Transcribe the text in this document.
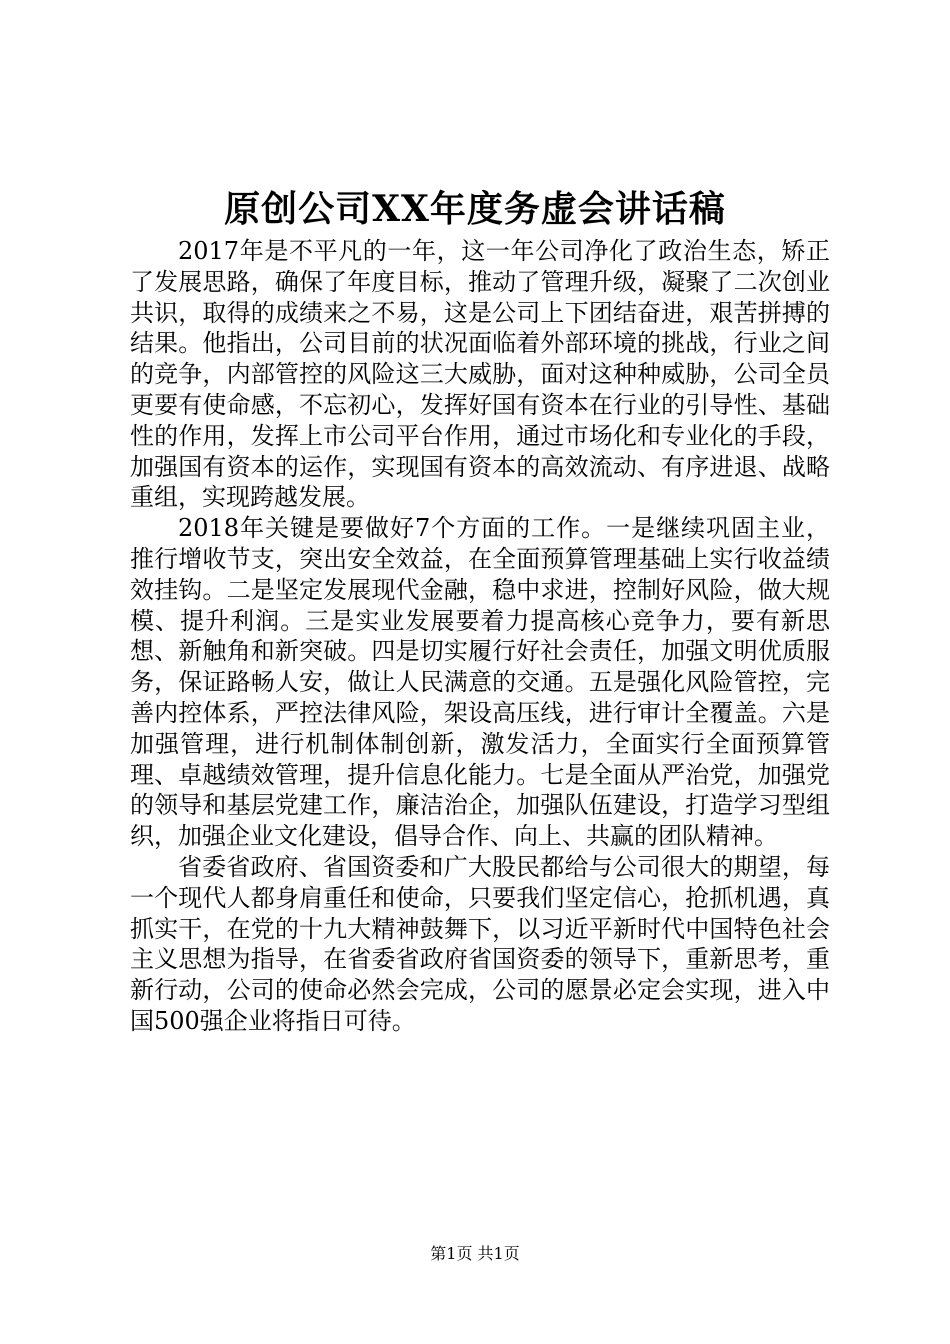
原创公司XX年度务虚会讲话稿

2017年是不平凡的一年，这一年公司净化了政治生态，矫正了发展思路，确保了年度目标，推动了管理升级，凝聚了二次创业共识，取得的成绩来之不易，这是公司上下团结奋进，艰苦拼搏的结果。他指出，公司目前的状况面临着外部环境的挑战，行业之间的竞争，内部管控的风险这三大威胁，面对这种种威胁，公司全员更要有使命感，不忘初心，发挥好国有资本在行业的引导性、基础性的作用，发挥上市公司平台作用，通过市场化和专业化的手段，加强国有资本的运作，实现国有资本的高效流动、有序进退、战略重组，实现跨越发展。

2018年关键是要做好7个方面的工作。一是继续巩固主业，推行增收节支，突出安全效益，在全面预算管理基础上实行收益绩效挂钩。二是坚定发展现代金融，稳中求进，控制好风险，做大规模、提升利润。三是实业发展要着力提高核心竞争力，要有新思想、新触角和新突破。四是切实履行好社会责任，加强文明优质服务，保证路畅人安，做让人民满意的交通。五是强化风险管控，完善内控体系，严控法律风险，架设高压线，进行审计全覆盖。六是加强管理，进行机制体制创新，激发活力，全面实行全面预算管理、卓越绩效管理，提升信息化能力。七是全面从严治党，加强党的领导和基层党建工作，廉洁治企，加强队伍建设，打造学习型组织，加强企业文化建设，倡导合作、向上、共赢的团队精神。

省委省政府、省国资委和广大股民都给与公司很大的期望，每一个现代人都身肩重任和使命，只要我们坚定信心，抢抓机遇，真抓实干，在党的十九大精神鼓舞下，以习近平新时代中国特色社会主义思想为指导，在省委省政府省国资委的领导下，重新思考，重新行动，公司的使命必然会完成，公司的愿景必定会实现，进入中国500强企业将指日可待。

第1页 共1页
